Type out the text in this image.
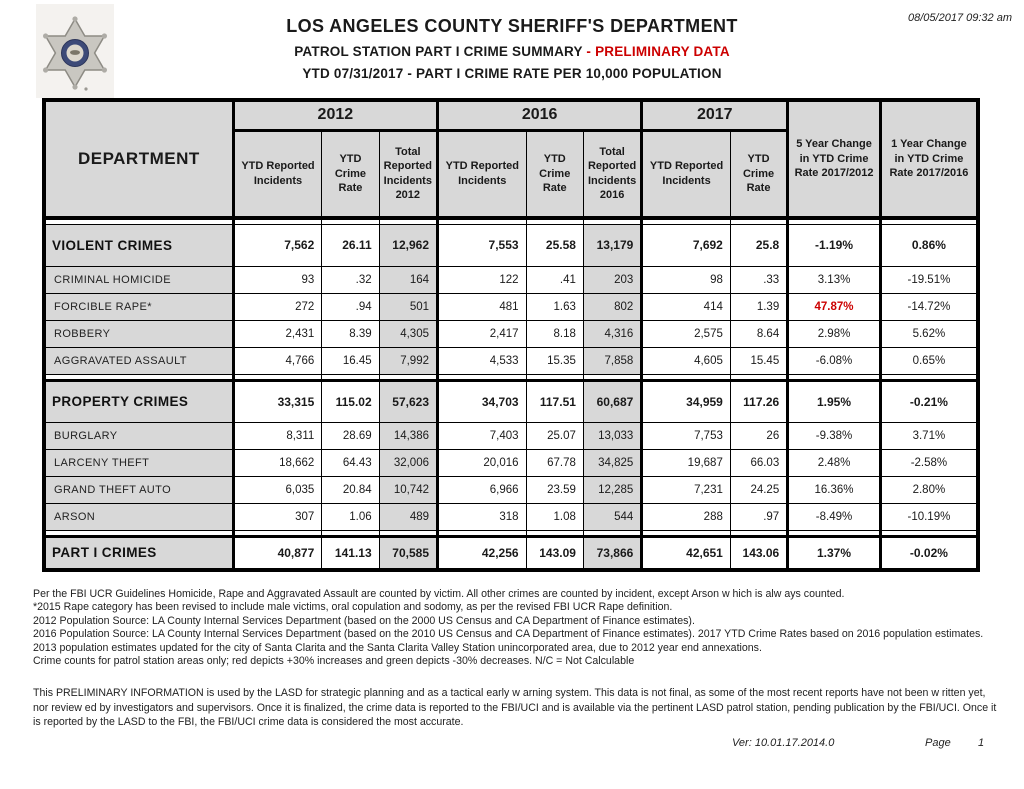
LOS ANGELES COUNTY SHERIFF'S DEPARTMENT
PATROL STATION PART I CRIME SUMMARY - PRELIMINARY DATA
YTD 07/31/2017 - PART I CRIME RATE PER 10,000 POPULATION
08/05/2017 09:32 am
DEPARTMENT	2012			2016			2017		5 Year Change in YTD Crime Rate 2017/2012	1 Year Change in YTD Crime Rate 2017/2016
	YTD Reported Incidents	YTD Crime Rate	Total Reported Incidents 2012	YTD Reported Incidents	YTD Crime Rate	Total Reported Incidents 2016	YTD Reported Incidents	YTD Crime Rate		

VIOLENT CRIMES	7,562	26.11	12,962	7,553	25.58	13,179	7,692	25.8	-1.19%	0.86%
CRIMINAL HOMICIDE	93	.32	164	122	.41	203	98	.33	3.13%	-19.51%
FORCIBLE RAPE*	272	.94	501	481	1.63	802	414	1.39	47.87%	-14.72%
ROBBERY	2,431	8.39	4,305	2,417	8.18	4,316	2,575	8.64	2.98%	5.62%
AGGRAVATED ASSAULT	4,766	16.45	7,992	4,533	15.35	7,858	4,605	15.45	-6.08%	0.65%

PROPERTY CRIMES	33,315	115.02	57,623	34,703	117.51	60,687	34,959	117.26	1.95%	-0.21%
BURGLARY	8,311	28.69	14,386	7,403	25.07	13,033	7,753	26	-9.38%	3.71%
LARCENY THEFT	18,662	64.43	32,006	20,016	67.78	34,825	19,687	66.03	2.48%	-2.58%
GRAND THEFT AUTO	6,035	20.84	10,742	6,966	23.59	12,285	7,231	24.25	16.36%	2.80%
ARSON	307	1.06	489	318	1.08	544	288	.97	-8.49%	-10.19%

PART I CRIMES	40,877	141.13	70,585	42,256	143.09	73,866	42,651	143.06	1.37%	-0.02%
Per the FBI UCR Guidelines Homicide, Rape and Aggravated Assault are counted by victim. All other crimes are counted by incident, except Arson w hich is alw ays counted.
*2015 Rape category has been revised to include male victims, oral copulation and sodomy, as per the revised FBI UCR Rape definition.
2012 Population Source: LA County Internal Services Department (based on the 2000 US Census and CA Department of Finance estimates).
2016 Population Source: LA County Internal Services Department (based on the 2010 US Census and CA Department of Finance estimates). 2017 YTD Crime Rates based on 2016 population estimates.
2013 population estimates updated for the city of Santa Clarita and the Santa Clarita Valley Station unincorporated area, due to 2012 year end annexations.
Crime counts for patrol station areas only; red depicts +30% increases and green depicts -30% decreases. N/C = Not Calculable
This PRELIMINARY INFORMATION is used by the LASD for strategic planning and as a tactical early w arning system. This data is not final, as some of the most recent reports have not been w ritten yet, nor review ed by investigators and supervisors. Once it is finalized, the crime data is reported to the FBI/UCI and is available via the pertinent LASD patrol station, pending publication by the FBI/UCI. Once it is reported by the LASD to the FBI, the FBI/UCI crime data is considered the most accurate.
Ver: 10.01.17.2014.0	Page 1
